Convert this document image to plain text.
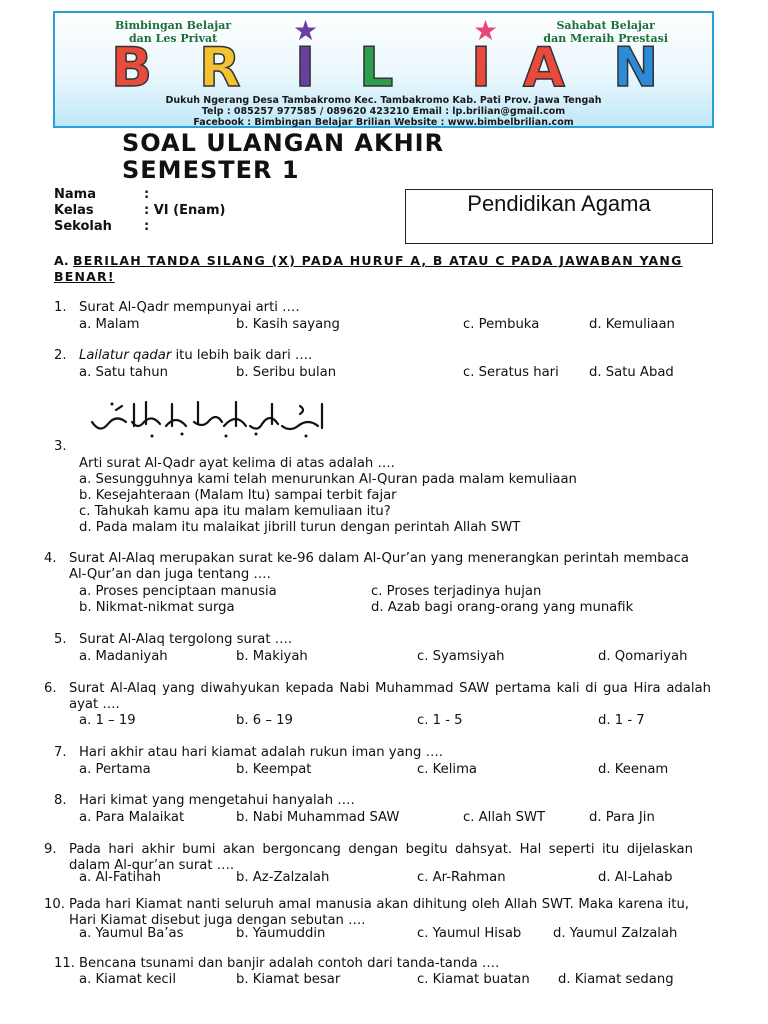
Bimbingan Belajar
dan Les Privat
Sahabat Belajar
dan Meraih Prestasi
★	★
B R I L I A N
Dukuh Ngerang Desa Tambakromo Kec. Tambakromo Kab. Pati Prov. Jawa Tengah
Telp : 085257 977585 / 089620 423210 Email : lp.brilian@gmail.com
Facebook : Bimbingan Belajar Brilian Website : www.bimbelbrilian.com
SOAL ULANGAN AKHIR
SEMESTER 1
Nama	:
Kelas	: VI (Enam)
Sekolah	:
Pendidikan Agama
A. BERILAH TANDA SILANG (X) PADA HURUF A, B ATAU C PADA JAWABAN YANG BENAR!
1. Surat Al-Qadr mempunyai arti ….
a. Malam	b. Kasih sayang	c. Pembuka	d. Kemuliaan
2. Lailatur qadar itu lebih baik dari ….
a. Satu tahun	b. Seribu bulan	c. Seratus hari d. Satu Abad
3.
Arti surat Al-Qadr ayat kelima di atas adalah ….
a. Sesungguhnya kami telah menurunkan Al-Quran pada malam kemuliaan
b. Kesejahteraan (Malam Itu) sampai terbit fajar
c. Tahukah kamu apa itu malam kemuliaan itu?
d. Pada malam itu malaikat jibrill turun dengan perintah Allah SWT
4. Surat Al-Alaq merupakan surat ke-96 dalam Al-Qur’an yang menerangkan perintah membaca Al-Qur’an dan juga tentang ….
a. Proses penciptaan manusia	c. Proses terjadinya hujan
b. Nikmat-nikmat surga	d. Azab bagi orang-orang yang munafik
5. Surat Al-Alaq tergolong surat ….
a. Madaniyah	b. Makiyah	c. Syamsiyah	d. Qomariyah
6. Surat Al-Alaq yang diwahyukan kepada Nabi Muhammad SAW pertama kali di gua Hira adalah ayat ….
a. 1 – 19	b. 6 – 19	c. 1 - 5	d. 1 - 7
7. Hari akhir atau hari kiamat adalah rukun iman yang ….
a. Pertama	b. Keempat	c. Kelima	d. Keenam
8. Hari kimat yang mengetahui hanyalah ….
a. Para Malaikat	b. Nabi Muhammad SAW	c. Allah SWT	d. Para Jin
9. Pada hari akhir bumi akan bergoncang dengan begitu dahsyat. Hal seperti itu dijelaskan dalam Al-qur’an surat ….
a. Al-Fatihah	b. Az-Zalzalah	c. Ar-Rahman	d. Al-Lahab
10. Pada hari Kiamat nanti seluruh amal manusia akan dihitung oleh Allah SWT. Maka karena itu, Hari Kiamat disebut juga dengan sebutan ….
a. Yaumul Ba’as	b. Yaumuddin	c. Yaumul Hisab d. Yaumul Zalzalah
11. Bencana tsunami dan banjir adalah contoh dari tanda-tanda ….
a. Kiamat kecil	b. Kiamat besar	c. Kiamat buatan d. Kiamat sedang
